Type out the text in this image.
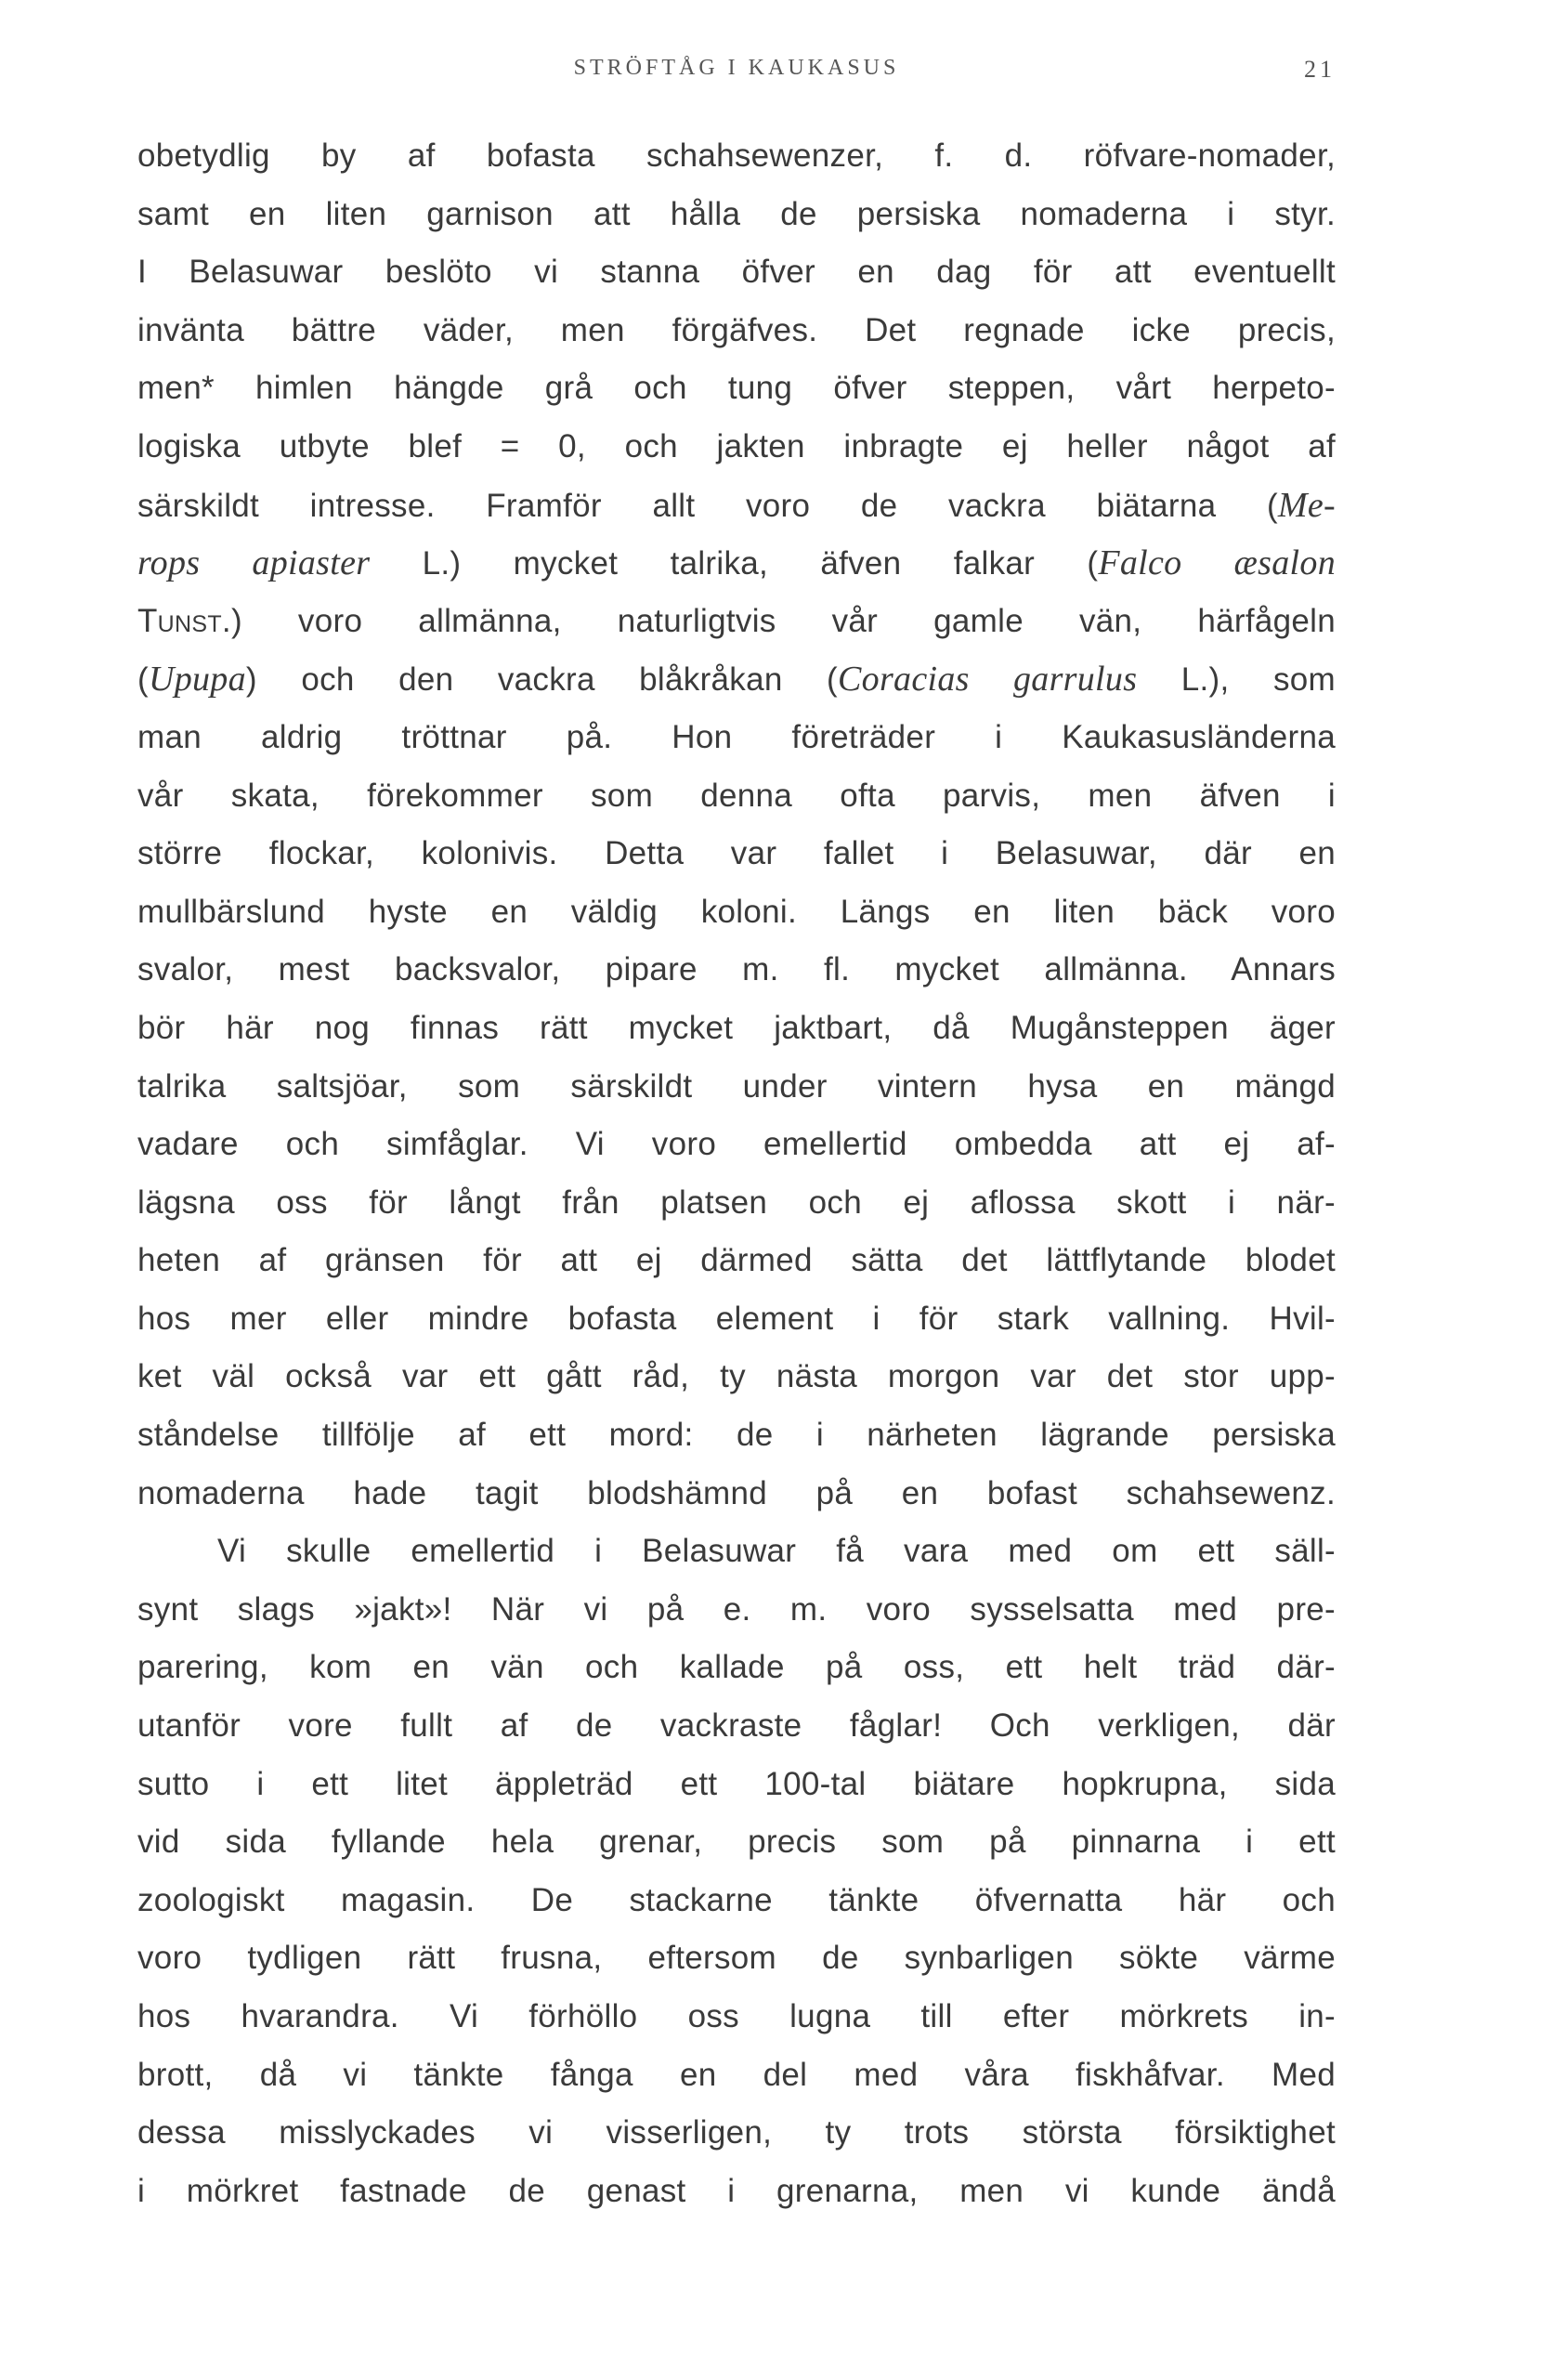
STRÖFTÅG I KAUKASUS	21
obetydlig by af bofasta schahsewenzer, f. d. röfvare-nomader,
samt en liten garnison att hålla de persiska nomaderna i styr.
I Belasuwar beslöto vi stanna öfver en dag för att eventuellt
invänta bättre väder, men förgäfves. Det regnade icke precis,
men* himlen hängde grå och tung öfver steppen, vårt herpeto-
logiska utbyte blef = 0, och jakten inbragte ej heller något af
särskildt intresse. Framför allt voro de vackra biätarna (Me-
rops apiaster L.) mycket talrika, äfven falkar (Falco æsalon
Tunst.) voro allmänna, naturligtvis vår gamle vän, härfågeln
(Upupa) och den vackra blåkråkan (Coracias garrulus L.), som
man aldrig tröttnar på. Hon företräder i Kaukasusländerna
vår skata, förekommer som denna ofta parvis, men äfven i
större flockar, kolonivis. Detta var fallet i Belasuwar, där en
mullbärslund hyste en väldig koloni. Längs en liten bäck voro
svalor, mest backsvalor, pipare m. fl. mycket allmänna. Annars
bör här nog finnas rätt mycket jaktbart, då Mugånsteppen äger
talrika saltsjöar, som särskildt under vintern hysa en mängd
vadare och simfåglar. Vi voro emellertid ombedda att ej af-
lägsna oss för långt från platsen och ej aflossa skott i när-
heten af gränsen för att ej därmed sätta det lättflytande blodet
hos mer eller mindre bofasta element i för stark vallning. Hvil-
ket väl också var ett gått råd, ty nästa morgon var det stor upp-
ståndelse tillfölje af ett mord: de i närheten lägrande persiska
nomaderna hade tagit blodshämnd på en bofast schahsewenz.
Vi skulle emellertid i Belasuwar få vara med om ett säll-
synt slags »jakt»! När vi på e. m. voro sysselsatta med pre-
parering, kom en vän och kallade på oss, ett helt träd där-
utanför vore fullt af de vackraste fåglar! Och verkligen, där
sutto i ett litet äppleträd ett 100-tal biätare hopkrupna, sida
vid sida fyllande hela grenar, precis som på pinnarna i ett
zoologiskt magasin. De stackarne tänkte öfvernatta här och
voro tydligen rätt frusna, eftersom de synbarligen sökte värme
hos hvarandra. Vi förhöllo oss lugna till efter mörkrets in-
brott, då vi tänkte fånga en del med våra fiskhåfvar. Med
dessa misslyckades vi visserligen, ty trots största försiktighet
i mörkret fastnade de genast i grenarna, men vi kunde ändå
